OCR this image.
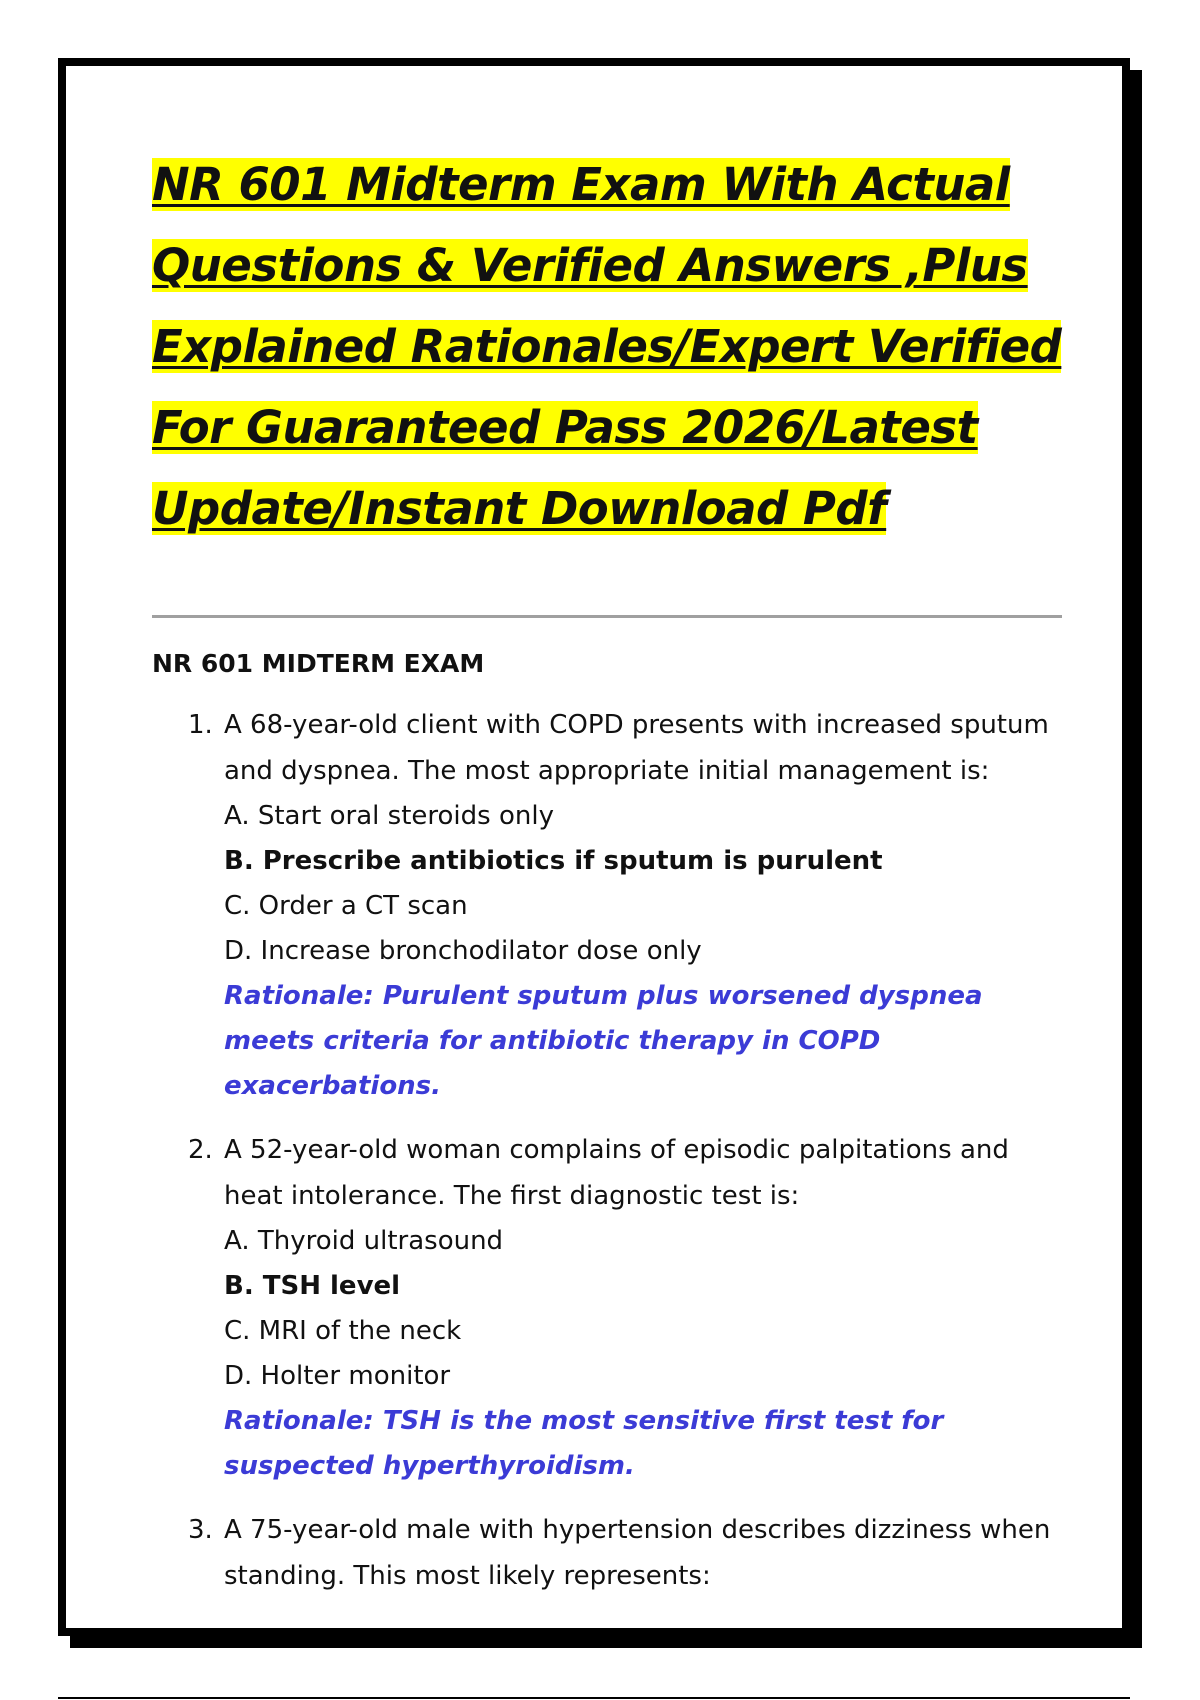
NR 601 Midterm Exam With Actual
Questions & Verified Answers ,Plus
Explained Rationales/Expert Verified
For Guaranteed Pass 2026/Latest
Update/Instant Download Pdf
NR 601 MIDTERM EXAM
1. A 68-year-old client with COPD presents with increased sputum and dyspnea. The most appropriate initial management is:
A. Start oral steroids only
B. Prescribe antibiotics if sputum is purulent
C. Order a CT scan
D. Increase bronchodilator dose only
Rationale: Purulent sputum plus worsened dyspnea meets criteria for antibiotic therapy in COPD exacerbations.
2. A 52-year-old woman complains of episodic palpitations and heat intolerance. The first diagnostic test is:
A. Thyroid ultrasound
B. TSH level
C. MRI of the neck
D. Holter monitor
Rationale: TSH is the most sensitive first test for suspected hyperthyroidism.
3. A 75-year-old male with hypertension describes dizziness when standing. This most likely represents:
